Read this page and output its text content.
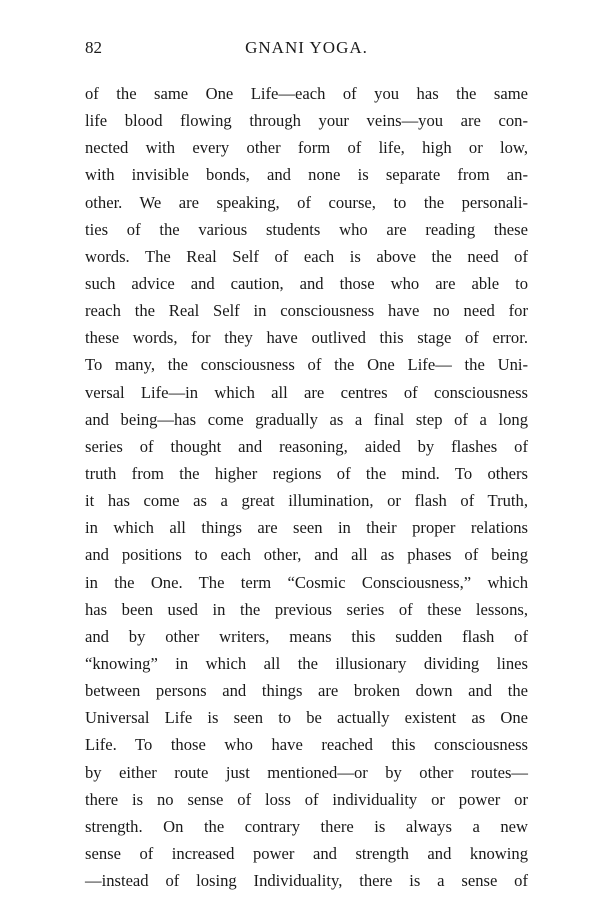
82	GNANI YOGA.
of the same One Life—each of you has the same
life blood flowing through your veins—you are con-
nected with every other form of life, high or low,
with invisible bonds, and none is separate from an-
other. We are speaking, of course, to the personali-
ties of the various students who are reading these
words. The Real Self of each is above the need of
such advice and caution, and those who are able to
reach the Real Self in consciousness have no need for
these words, for they have outlived this stage of error.
To many, the consciousness of the One Life— the Uni-
versal Life—in which all are centres of consciousness
and being—has come gradually as a final step of a long
series of thought and reasoning, aided by flashes of
truth from the higher regions of the mind. To others
it has come as a great illumination, or flash of Truth,
in which all things are seen in their proper relations
and positions to each other, and all as phases of being
in the One. The term “Cosmic Consciousness,” which
has been used in the previous series of these lessons,
and by other writers, means this sudden flash of
“knowing” in which all the illusionary dividing lines
between persons and things are broken down and the
Universal Life is seen to be actually existent as One
Life. To those who have reached this consciousness
by either route just mentioned—or by other routes—
there is no sense of loss of individuality or power or
strength. On the contrary there is always a new
sense of increased power and strength and knowing
—instead of losing Individuality, there is a sense of
